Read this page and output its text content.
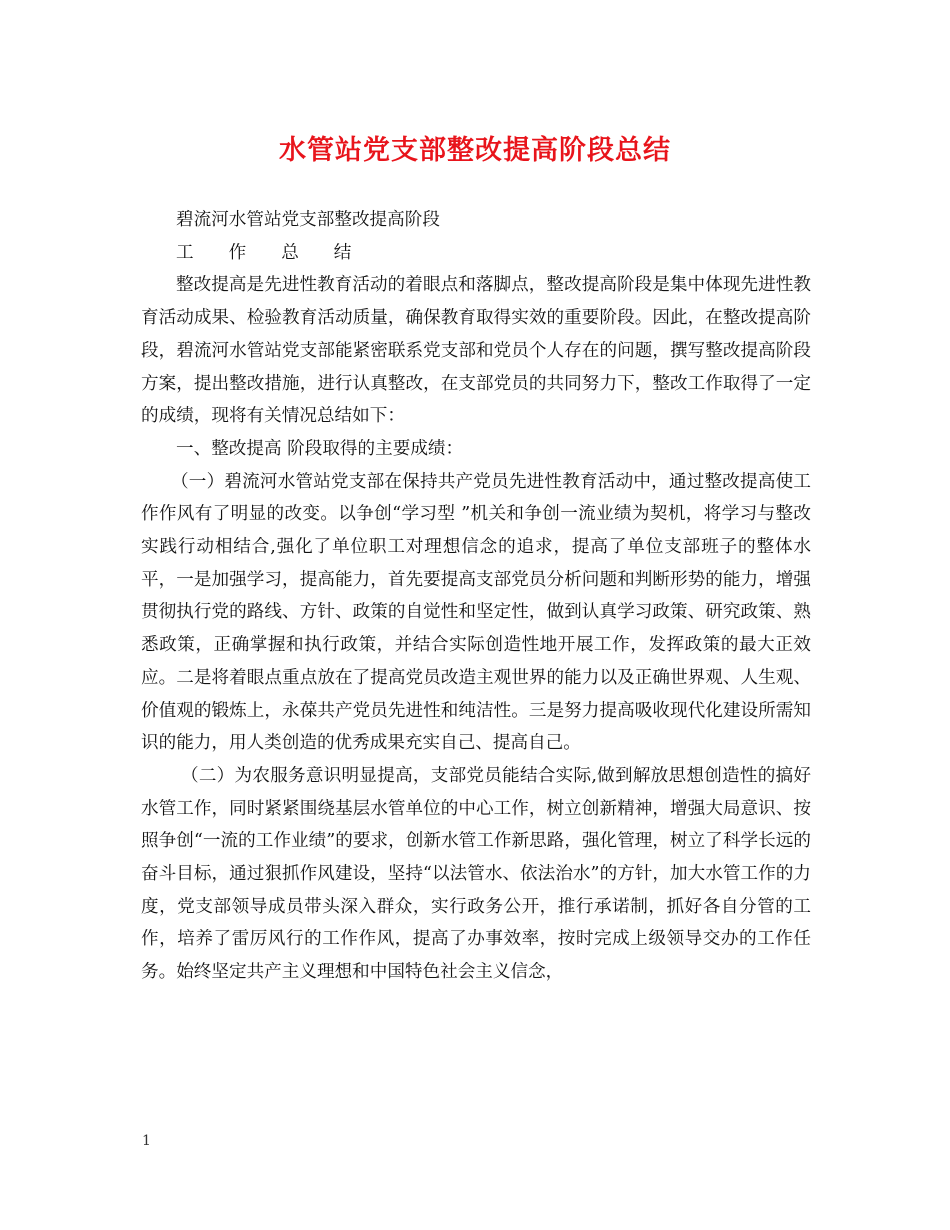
水管站党支部整改提高阶段总结

碧流河水管站党支部整改提高阶段

工作总结

整改提高是先进性教育活动的着眼点和落脚点，整改提高阶段是集中体现先进性教育活动成果、检验教育活动质量，确保教育取得实效的重要阶段。因此，在整改提高阶段，碧流河水管站党支部能紧密联系党支部和党员个人存在的问题，撰写整改提高阶段方案，提出整改措施，进行认真整改，在支部党员的共同努力下，整改工作取得了一定的成绩，现将有关情况总结如下：

一、整改提高 阶段取得的主要成绩：

（一）碧流河水管站党支部在保持共产党员先进性教育活动中，通过整改提高使工作作风有了明显的改变。以争创“学习型 ”机关和争创一流业绩为契机，将学习与整改实践行动相结合,强化了单位职工对理想信念的追求，提高了单位支部班子的整体水平，一是加强学习，提高能力，首先要提高支部党员分析问题和判断形势的能力，增强贯彻执行党的路线、方针、政策的自觉性和坚定性，做到认真学习政策、研究政策、熟悉政策，正确掌握和执行政策，并结合实际创造性地开展工作，发挥政策的最大正效应。二是将着眼点重点放在了提高党员改造主观世界的能力以及正确世界观、人生观、价值观的锻炼上，永葆共产党员先进性和纯洁性。三是努力提高吸收现代化建设所需知识的能力，用人类创造的优秀成果充实自己、提高自己。

（二）为农服务意识明显提高，支部党员能结合实际,做到解放思想创造性的搞好水管工作，同时紧紧围绕基层水管单位的中心工作，树立创新精神，增强大局意识、按照争创“一流的工作业绩”的要求，创新水管工作新思路，强化管理，树立了科学长远的奋斗目标，通过狠抓作风建设，坚持“以法管水、依法治水”的方针，加大水管工作的力度，党支部领导成员带头深入群众，实行政务公开，推行承诺制，抓好各自分管的工作，培养了雷厉风行的工作作风，提高了办事效率，按时完成上级领导交办的工作任务。始终坚定共产主义理想和中国特色社会主义信念，

1
